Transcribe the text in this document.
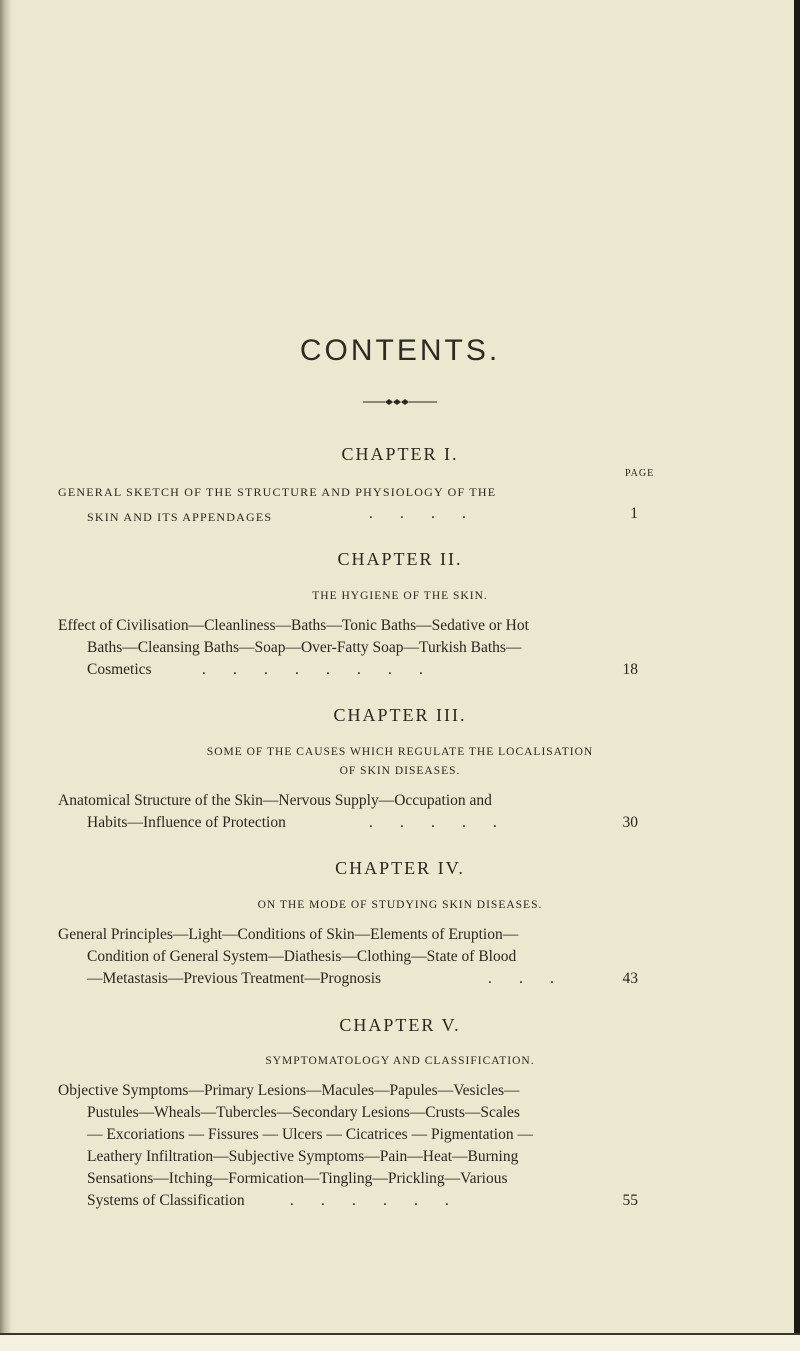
CONTENTS.
CHAPTER I.
PAGE
GENERAL SKETCH OF THE STRUCTURE AND PHYSIOLOGY OF THE
SKIN AND ITS APPENDAGES	.       .       .       .	1
CHAPTER II.
THE HYGIENE OF THE SKIN.
Effect of Civilisation—Cleanliness—Baths—Tonic Baths—Sedative or Hot
Baths—Cleansing Baths—Soap—Over-Fatty Soap—Turkish Baths—
Cosmetics	.       .       .       .       .       .       .       .	18
CHAPTER III.
SOME OF THE CAUSES WHICH REGULATE THE LOCALISATION
OF SKIN DISEASES.
Anatomical Structure of the Skin—Nervous Supply—Occupation and
Habits—Influence of Protection	.       .       .       .       .	30
CHAPTER IV.
ON THE MODE OF STUDYING SKIN DISEASES.
General Principles—Light—Conditions of Skin—Elements of Eruption—
Condition of General System—Diathesis—Clothing—State of Blood
—Metastasis—Previous Treatment—Prognosis	.       .       .	43
CHAPTER V.
SYMPTOMATOLOGY AND CLASSIFICATION.
Objective Symptoms—Primary Lesions—Macules—Papules—Vesicles—
Pustules—Wheals—Tubercles—Secondary Lesions—Crusts—Scales
— Excoriations — Fissures — Ulcers — Cicatrices — Pigmentation —
Leathery Infiltration—Subjective Symptoms—Pain—Heat—Burning
Sensations—Itching—Formication—Tingling—Prickling—Various
Systems of Classification	.       .       .       .       .       .	55
